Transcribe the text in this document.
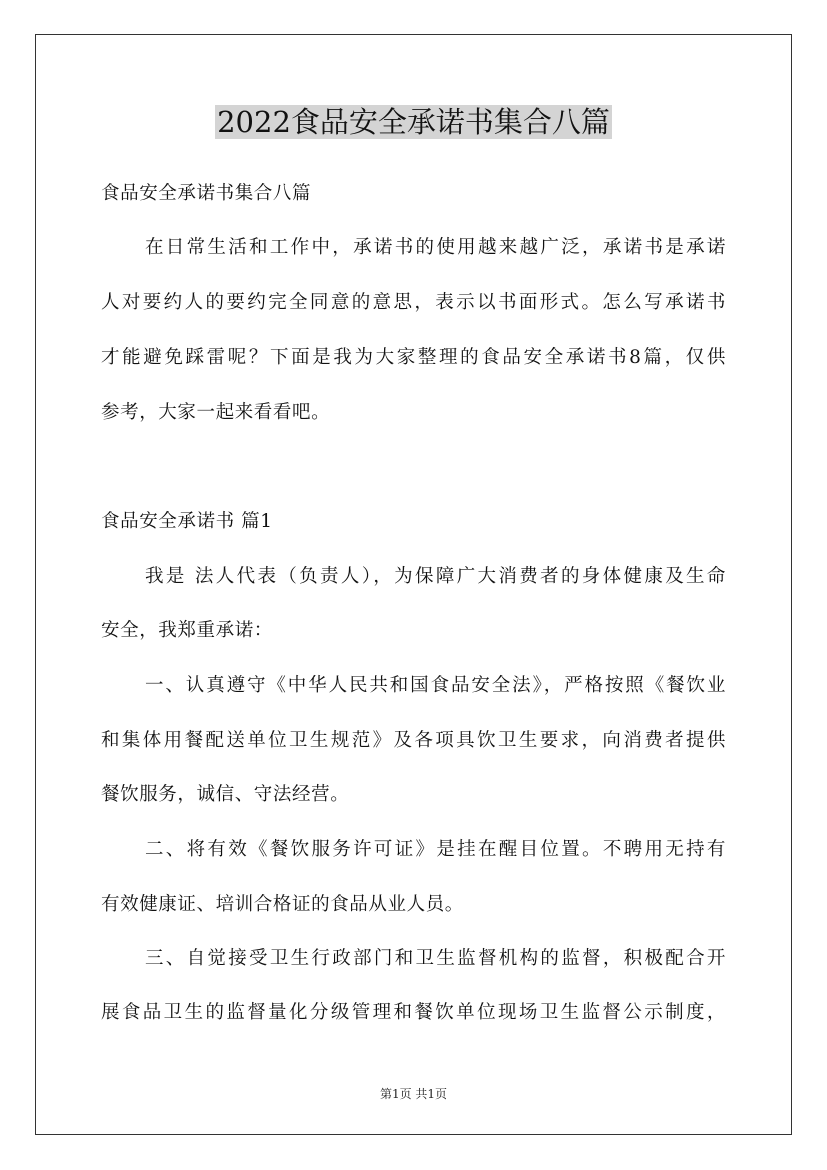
2022食品安全承诺书集合八篇
食品安全承诺书集合八篇
在日常生活和工作中，承诺书的使用越来越广泛，承诺书是承诺
人对要约人的要约完全同意的意思，表示以书面形式。怎么写承诺书
才能避免踩雷呢？下面是我为大家整理的食品安全承诺书8篇，仅供
参考，大家一起来看看吧。
食品安全承诺书 篇1
我是 法人代表（负责人），为保障广大消费者的身体健康及生命
安全，我郑重承诺：
一、认真遵守《中华人民共和国食品安全法》，严格按照《餐饮业
和集体用餐配送单位卫生规范》及各项具饮卫生要求，向消费者提供
餐饮服务，诚信、守法经营。
二、将有效《餐饮服务许可证》是挂在醒目位置。不聘用无持有
有效健康证、培训合格证的食品从业人员。
三、自觉接受卫生行政部门和卫生监督机构的监督，积极配合开
展食品卫生的监督量化分级管理和餐饮单位现场卫生监督公示制度，
第1页 共1页
